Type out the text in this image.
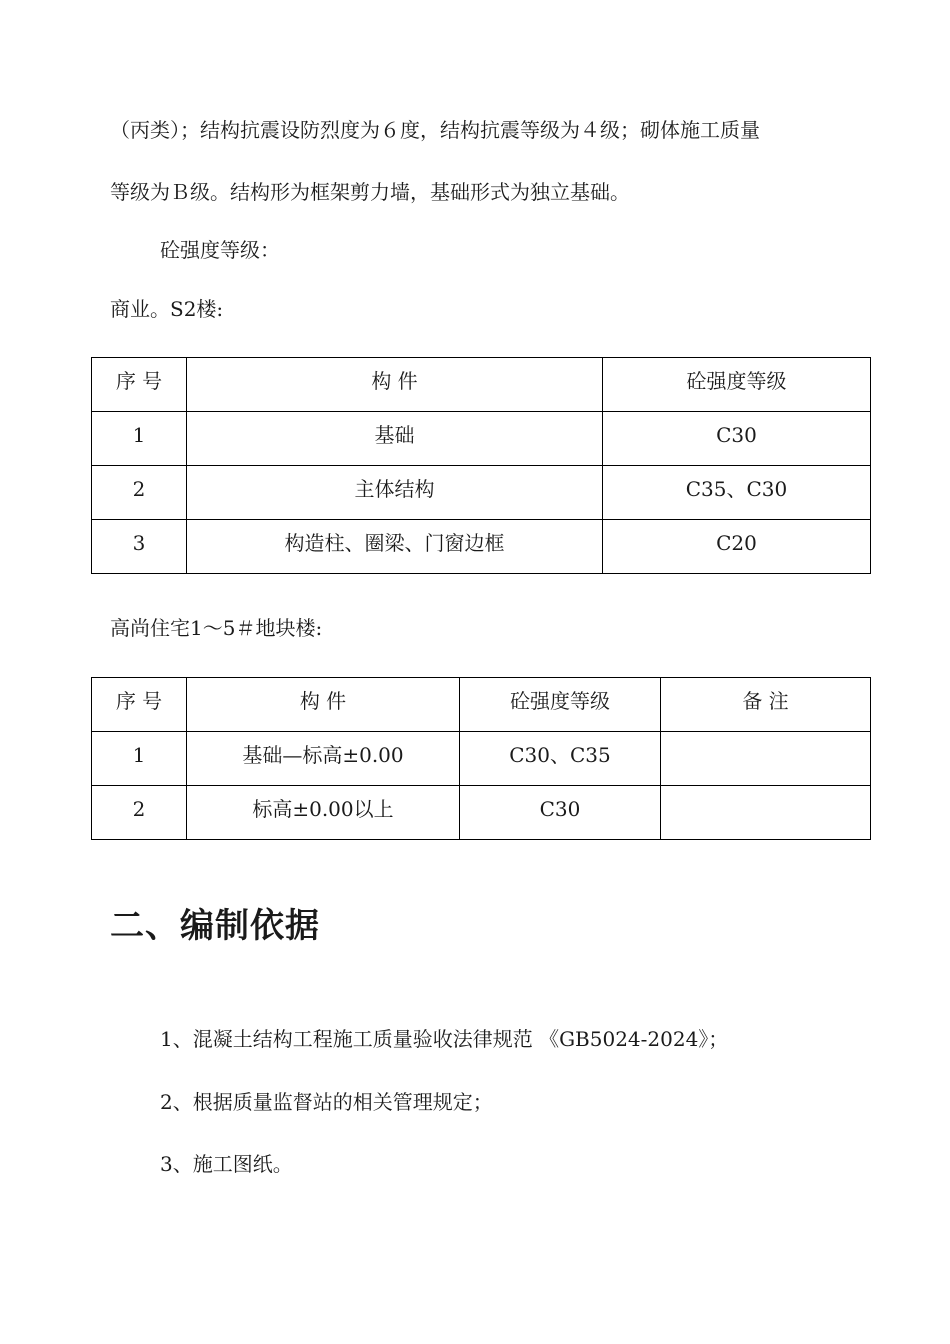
（丙类）；结构抗震设防烈度为６度，结构抗震等级为４级；砌体施工质量
等级为Ｂ级。结构形为框架剪力墙，基础形式为独立基础。
砼强度等级：
商业。S2楼:
序 号	构 件	砼强度等级
1	基础	C30
2	主体结构	C35、C30
3	构造柱、圈梁、门窗边框	C20
高尚住宅1～5＃地块楼:
序 号	构 件	砼强度等级	备 注
1	基础—标高±0.00	C30、C35	
2	标高±0.00以上	C30	
二、编制依据
1、混凝土结构工程施工质量验收法律规范 《GB5024-2024》；
2、根据质量监督站的相关管理规定；
3、施工图纸。
